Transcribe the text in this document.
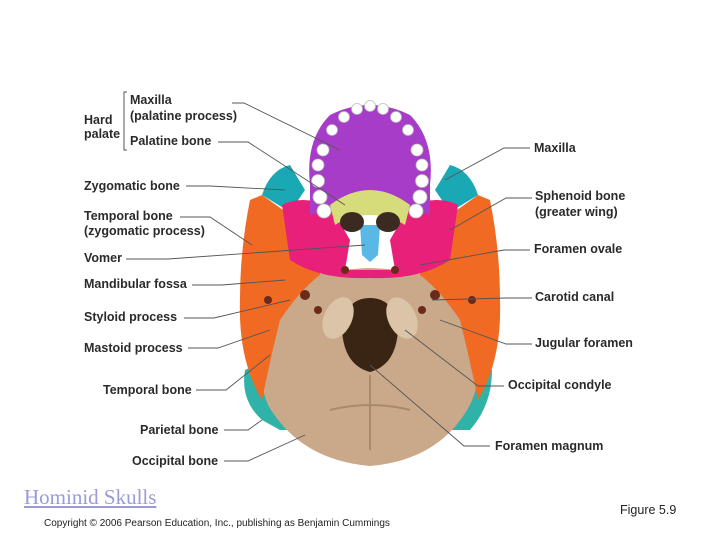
Hard
palate
Maxilla
(palatine process)
Palatine bone
Zygomatic bone
Temporal bone
(zygomatic process)
Vomer
Mandibular fossa
Styloid process
Mastoid process
Temporal bone
Parietal bone
Occipital bone
Maxilla
Sphenoid bone
(greater wing)
Foramen ovale
Carotid canal
Jugular foramen
Occipital condyle
Foramen magnum
Hominid Skulls
Copyright © 2006 Pearson Education, Inc., publishing as Benjamin Cummings
Figure 5.9
